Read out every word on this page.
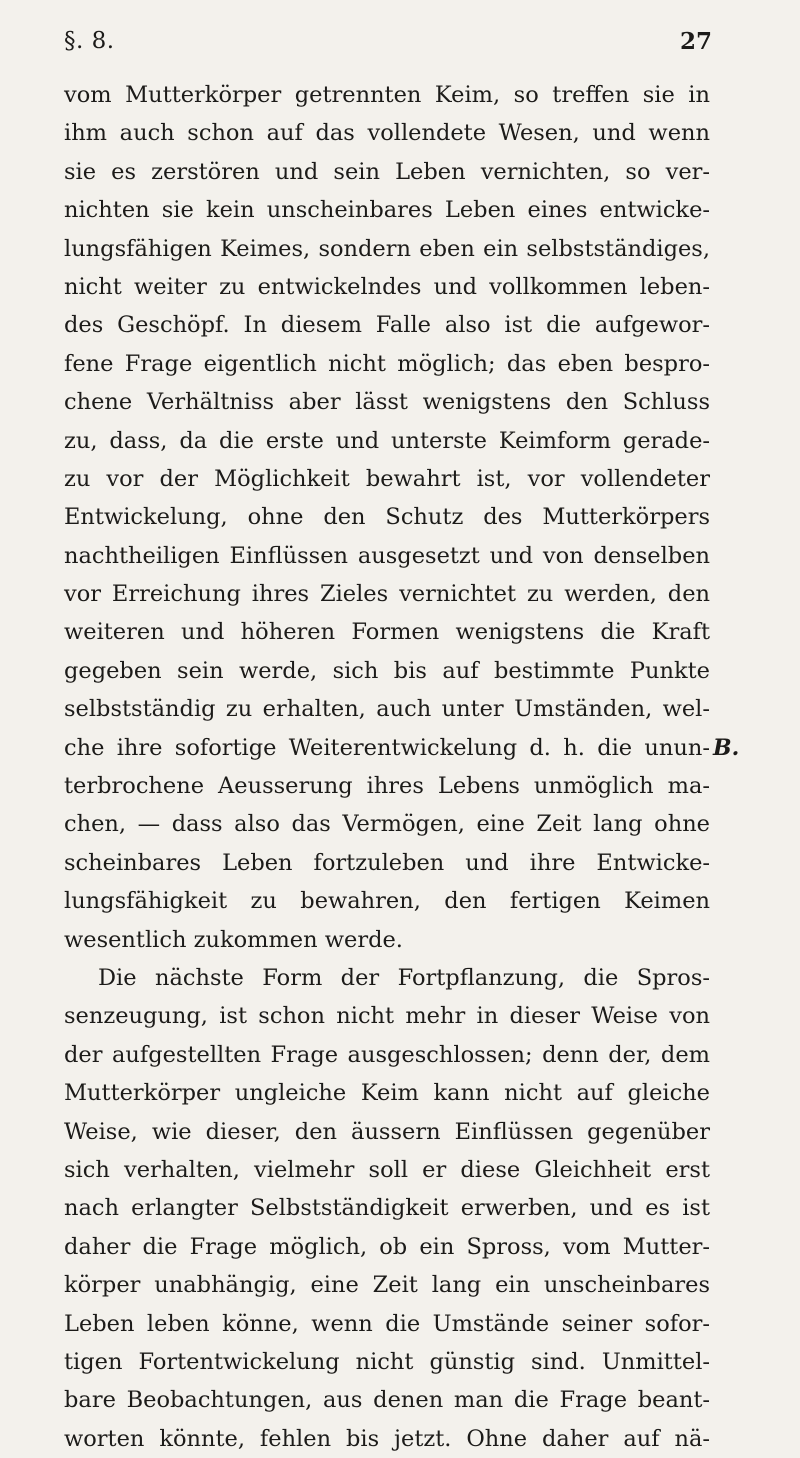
§. 8.	27
vom Mutterkörper getrennten Keim, so treffen sie in
ihm auch schon auf das vollendete Wesen, und wenn
sie es zerstören und sein Leben vernichten, so ver-
nichten sie kein unscheinbares Leben eines entwicke-
lungsfähigen Keimes, sondern eben ein selbstständiges,
nicht weiter zu entwickelndes und vollkommen leben-
des Geschöpf. In diesem Falle also ist die aufgewor-
fene Frage eigentlich nicht möglich; das eben bespro-
chene Verhältniss aber lässt wenigstens den Schluss
zu, dass, da die erste und unterste Keimform gerade-
zu vor der Möglichkeit bewahrt ist, vor vollendeter
Entwickelung, ohne den Schutz des Mutterkörpers
nachtheiligen Einflüssen ausgesetzt und von denselben
vor Erreichung ihres Zieles vernichtet zu werden, den
weiteren und höheren Formen wenigstens die Kraft
gegeben sein werde, sich bis auf bestimmte Punkte
selbstständig zu erhalten, auch unter Umständen, wel-
che ihre sofortige Weiterentwickelung d. h. die unun-
terbrochene Aeusserung ihres Lebens unmöglich ma-
chen, — dass also das Vermögen, eine Zeit lang ohne
scheinbares Leben fortzuleben und ihre Entwicke-
lungsfähigkeit zu bewahren, den fertigen Keimen
wesentlich zukommen werde.
Die nächste Form der Fortpflanzung, die Spros-
senzeugung, ist schon nicht mehr in dieser Weise von
der aufgestellten Frage ausgeschlossen; denn der, dem
Mutterkörper ungleiche Keim kann nicht auf gleiche
Weise, wie dieser, den äussern Einflüssen gegenüber
sich verhalten, vielmehr soll er diese Gleichheit erst
nach erlangter Selbstständigkeit erwerben, und es ist
daher die Frage möglich, ob ein Spross, vom Mutter-
körper unabhängig, eine Zeit lang ein unscheinbares
Leben leben könne, wenn die Umstände seiner sofor-
tigen Fortentwickelung nicht günstig sind. Unmittel-
bare Beobachtungen, aus denen man die Frage beant-
worten könnte, fehlen bis jetzt. Ohne daher auf nä-
B.
